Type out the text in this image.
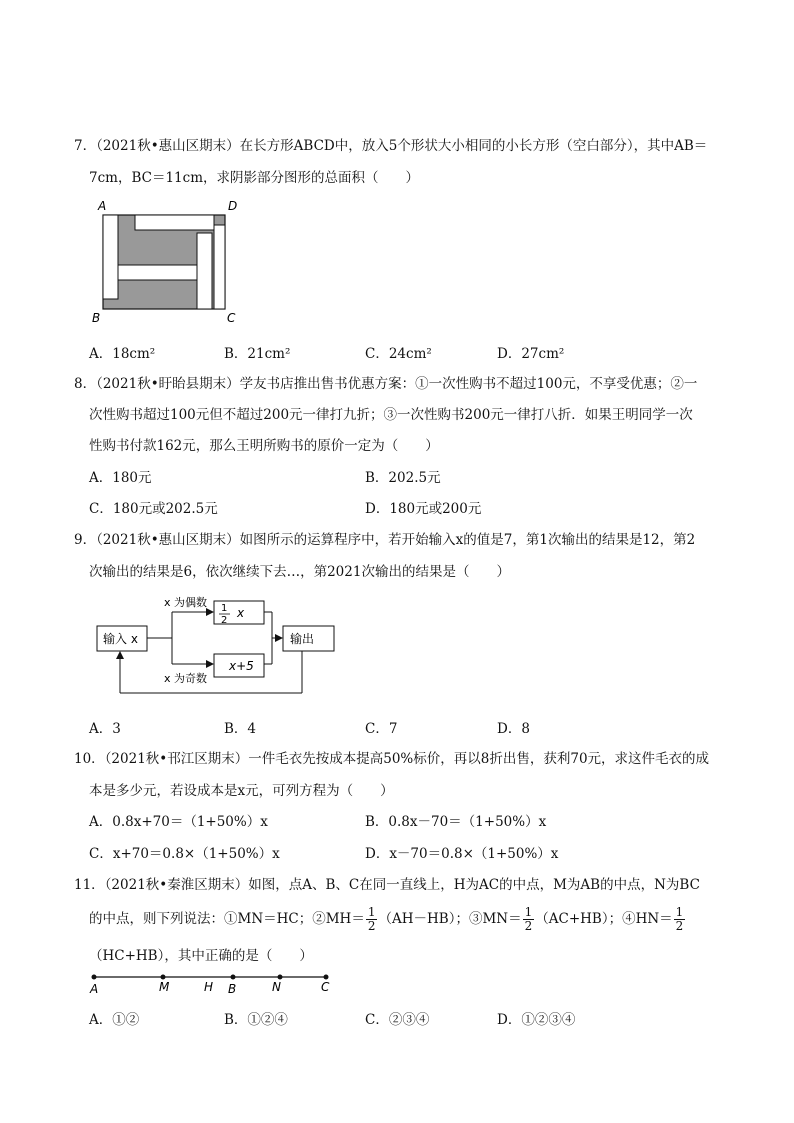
7．（2021秋•惠山区期末）在长方形ABCD中，放入5个形状大小相同的小长方形（空白部分），其中AB＝
7cm，BC＝11cm，求阴影部分图形的总面积（　　）
A	D
B	C
A．18cm²	B．21cm²	C．24cm²	D．27cm²
8．（2021秋•盱眙县期末）学友书店推出售书优惠方案：①一次性购书不超过100元，不享受优惠；②一
次性购书超过100元但不超过200元一律打九折；③一次性购书200元一律打八折．如果王明同学一次
性购书付款162元，那么王明所购书的原价一定为（　　）
A．180元	B．202.5元
C．180元或202.5元	D．180元或200元
9．（2021秋•惠山区期末）如图所示的运算程序中，若开始输入x的值是7，第1次输出的结果是12，第2
次输出的结果是6，依次继续下去…，第2021次输出的结果是（　　）
输入 x
1
2
x
x+5
输出
x 为偶数
x 为奇数
A．3	B．4	C．7	D．8
10．（2021秋•邗江区期末）一件毛衣先按成本提高50%标价，再以8折出售，获利70元，求这件毛衣的成
本是多少元，若设成本是x元，可列方程为（　　）
A．0.8x+70＝（1+50%）x	B．0.8x－70＝（1+50%）x
C．x+70＝0.8×（1+50%）x	D．x－70＝0.8×（1+50%）x
11．（2021秋•秦淮区期末）如图，点A、B、C在同一直线上，H为AC的中点，M为AB的中点，N为BC
的中点，则下列说法：①MN＝HC；②MH＝ $\frac{1}{2} (AH-HB)$；③MN＝ $\frac{1}{2} (AC+HB)$；④HN＝ $\frac{1}{2}$
（HC+HB），其中正确的是（　　）
A	M	H B	N	C
A．①②	B．①②④	C．②③④	D．①②③④
